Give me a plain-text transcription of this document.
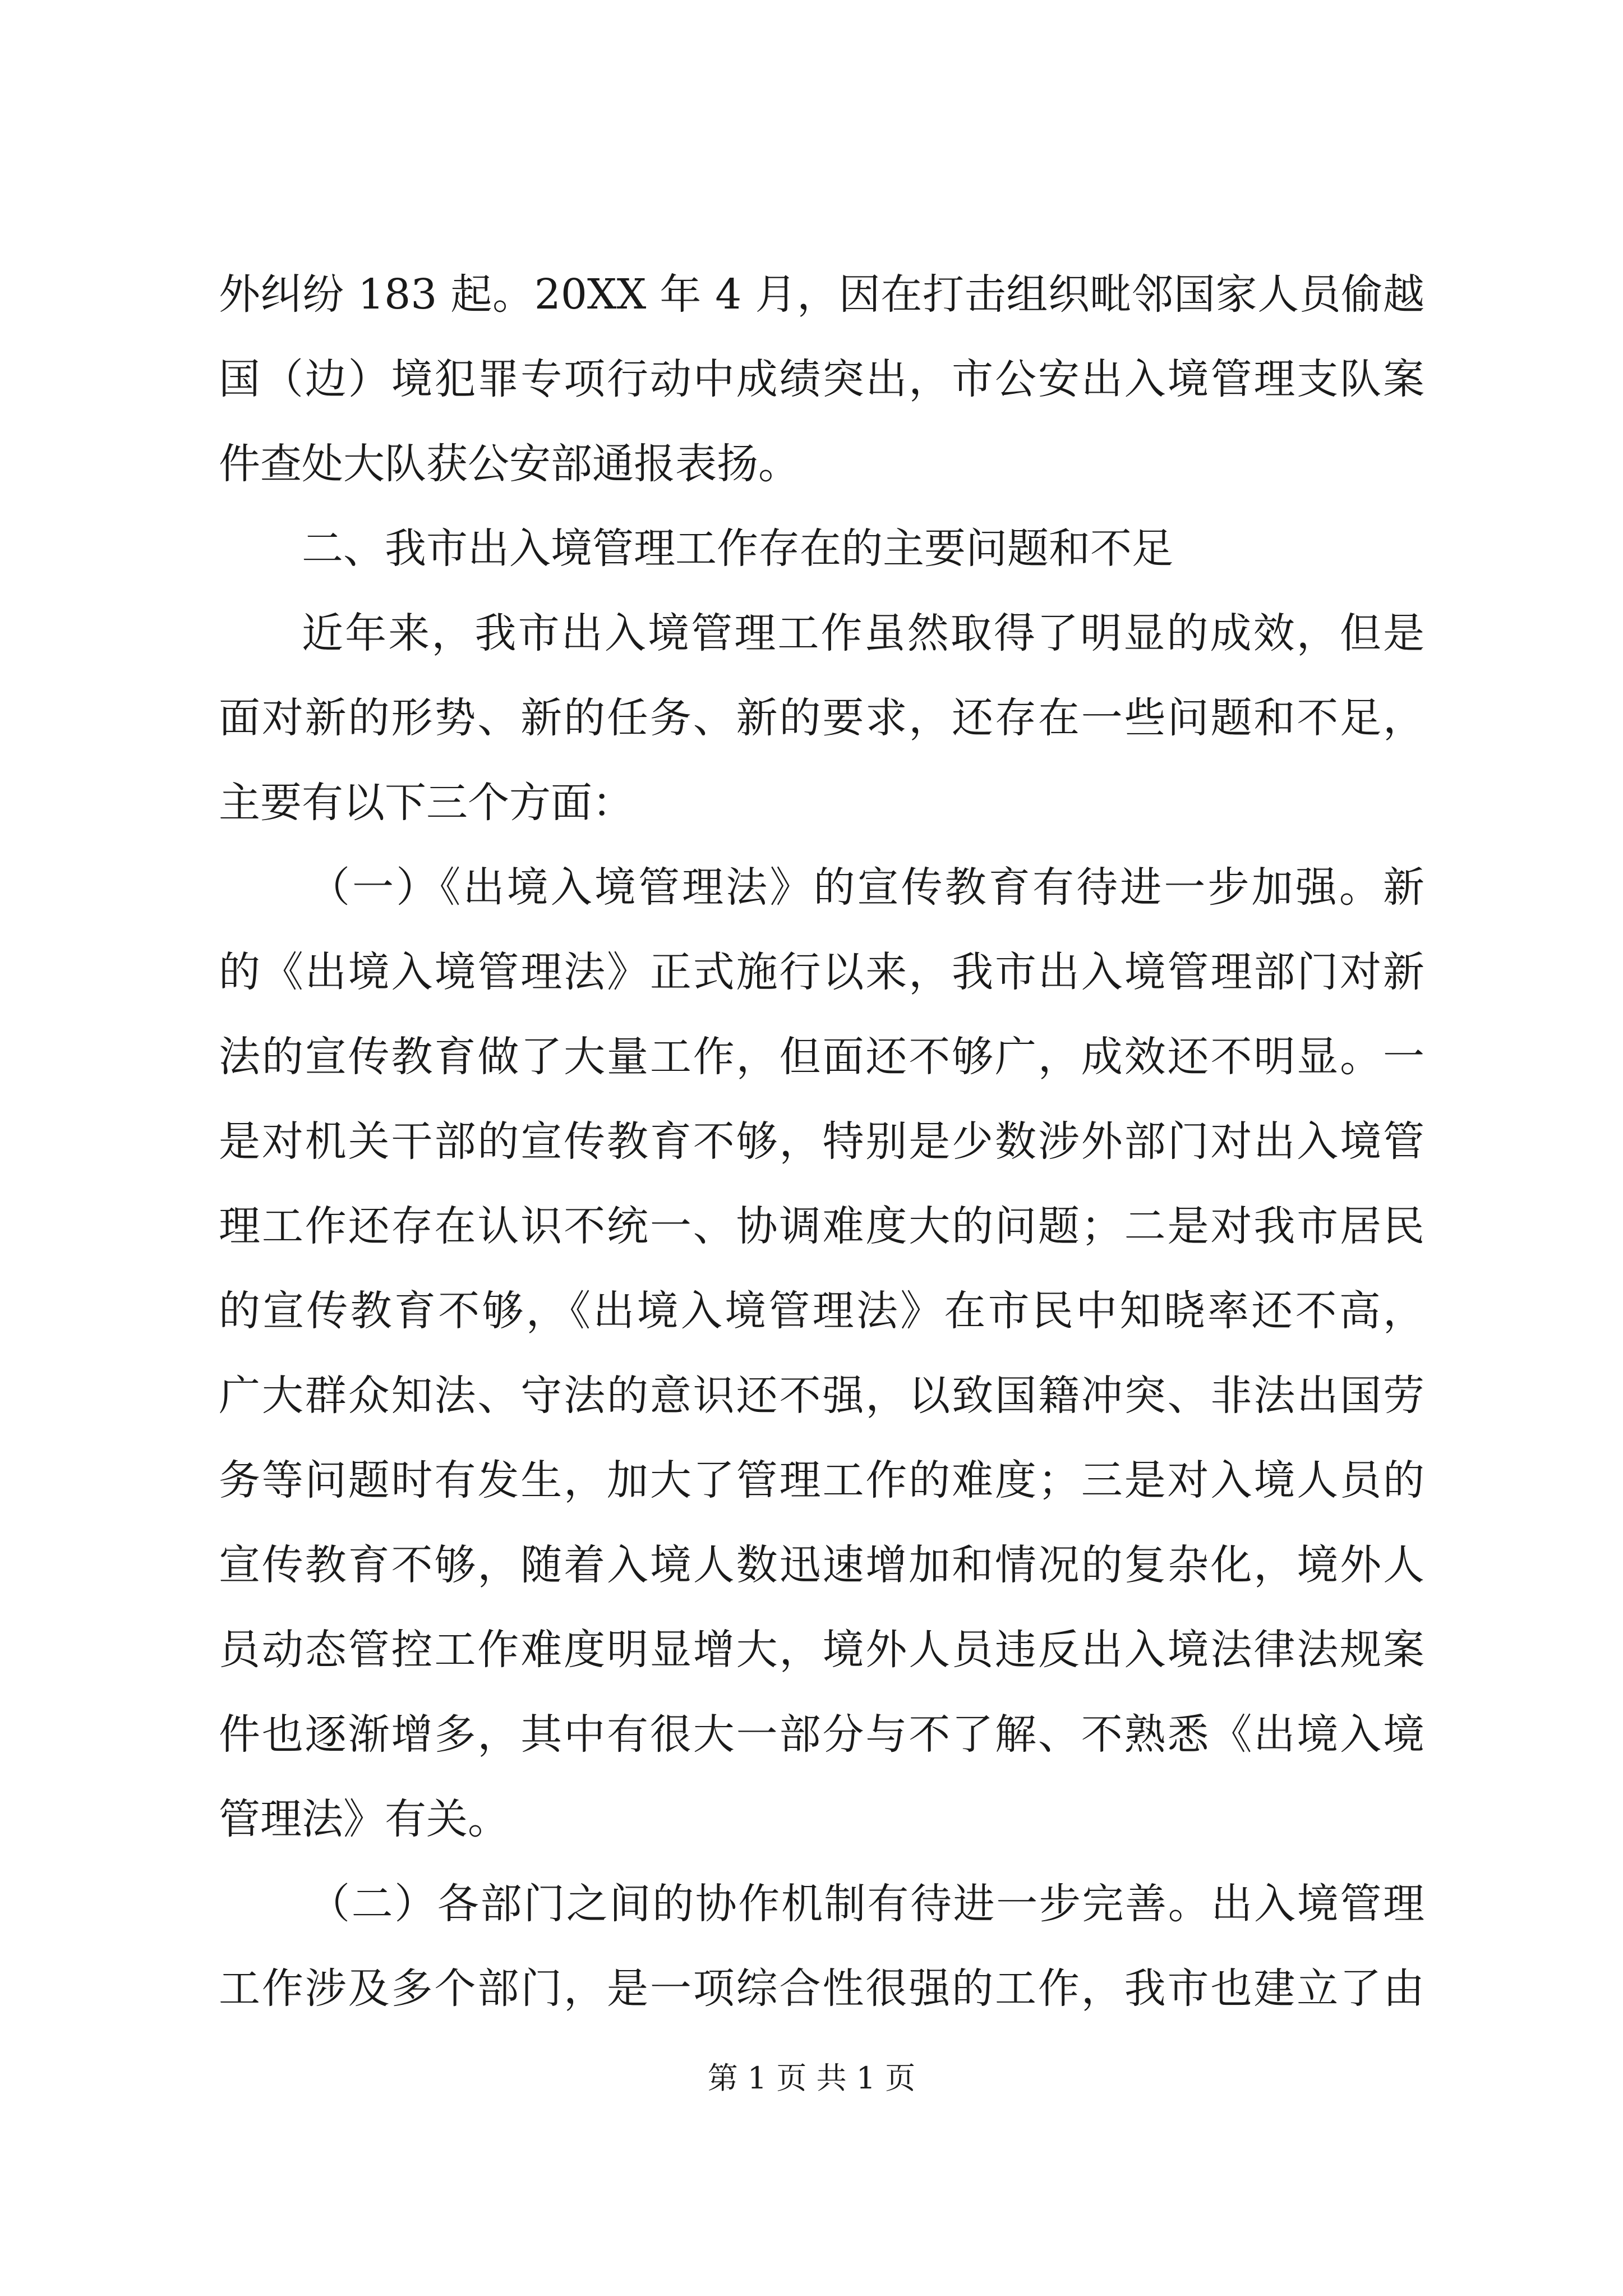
外纠纷 183 起。20XX 年 4 月，因在打击组织毗邻国家人员偷越
国（边）境犯罪专项行动中成绩突出，市公安出入境管理支队案
件查处大队获公安部通报表扬。
二、我市出入境管理工作存在的主要问题和不足
近年来，我市出入境管理工作虽然取得了明显的成效，但是
面对新的形势、新的任务、新的要求，还存在一些问题和不足，
主要有以下三个方面：
（一）《出境入境管理法》的宣传教育有待进一步加强。新
的《出境入境管理法》正式施行以来，我市出入境管理部门对新
法的宣传教育做了大量工作，但面还不够广，成效还不明显。一
是对机关干部的宣传教育不够，特别是少数涉外部门对出入境管
理工作还存在认识不统一、协调难度大的问题；二是对我市居民
的宣传教育不够，《出境入境管理法》在市民中知晓率还不高，
广大群众知法、守法的意识还不强，以致国籍冲突、非法出国劳
务等问题时有发生，加大了管理工作的难度；三是对入境人员的
宣传教育不够，随着入境人数迅速增加和情况的复杂化，境外人
员动态管控工作难度明显增大，境外人员违反出入境法律法规案
件也逐渐增多，其中有很大一部分与不了解、不熟悉《出境入境
管理法》有关。
（二）各部门之间的协作机制有待进一步完善。出入境管理
工作涉及多个部门，是一项综合性很强的工作，我市也建立了由
第 1 页 共 1 页
